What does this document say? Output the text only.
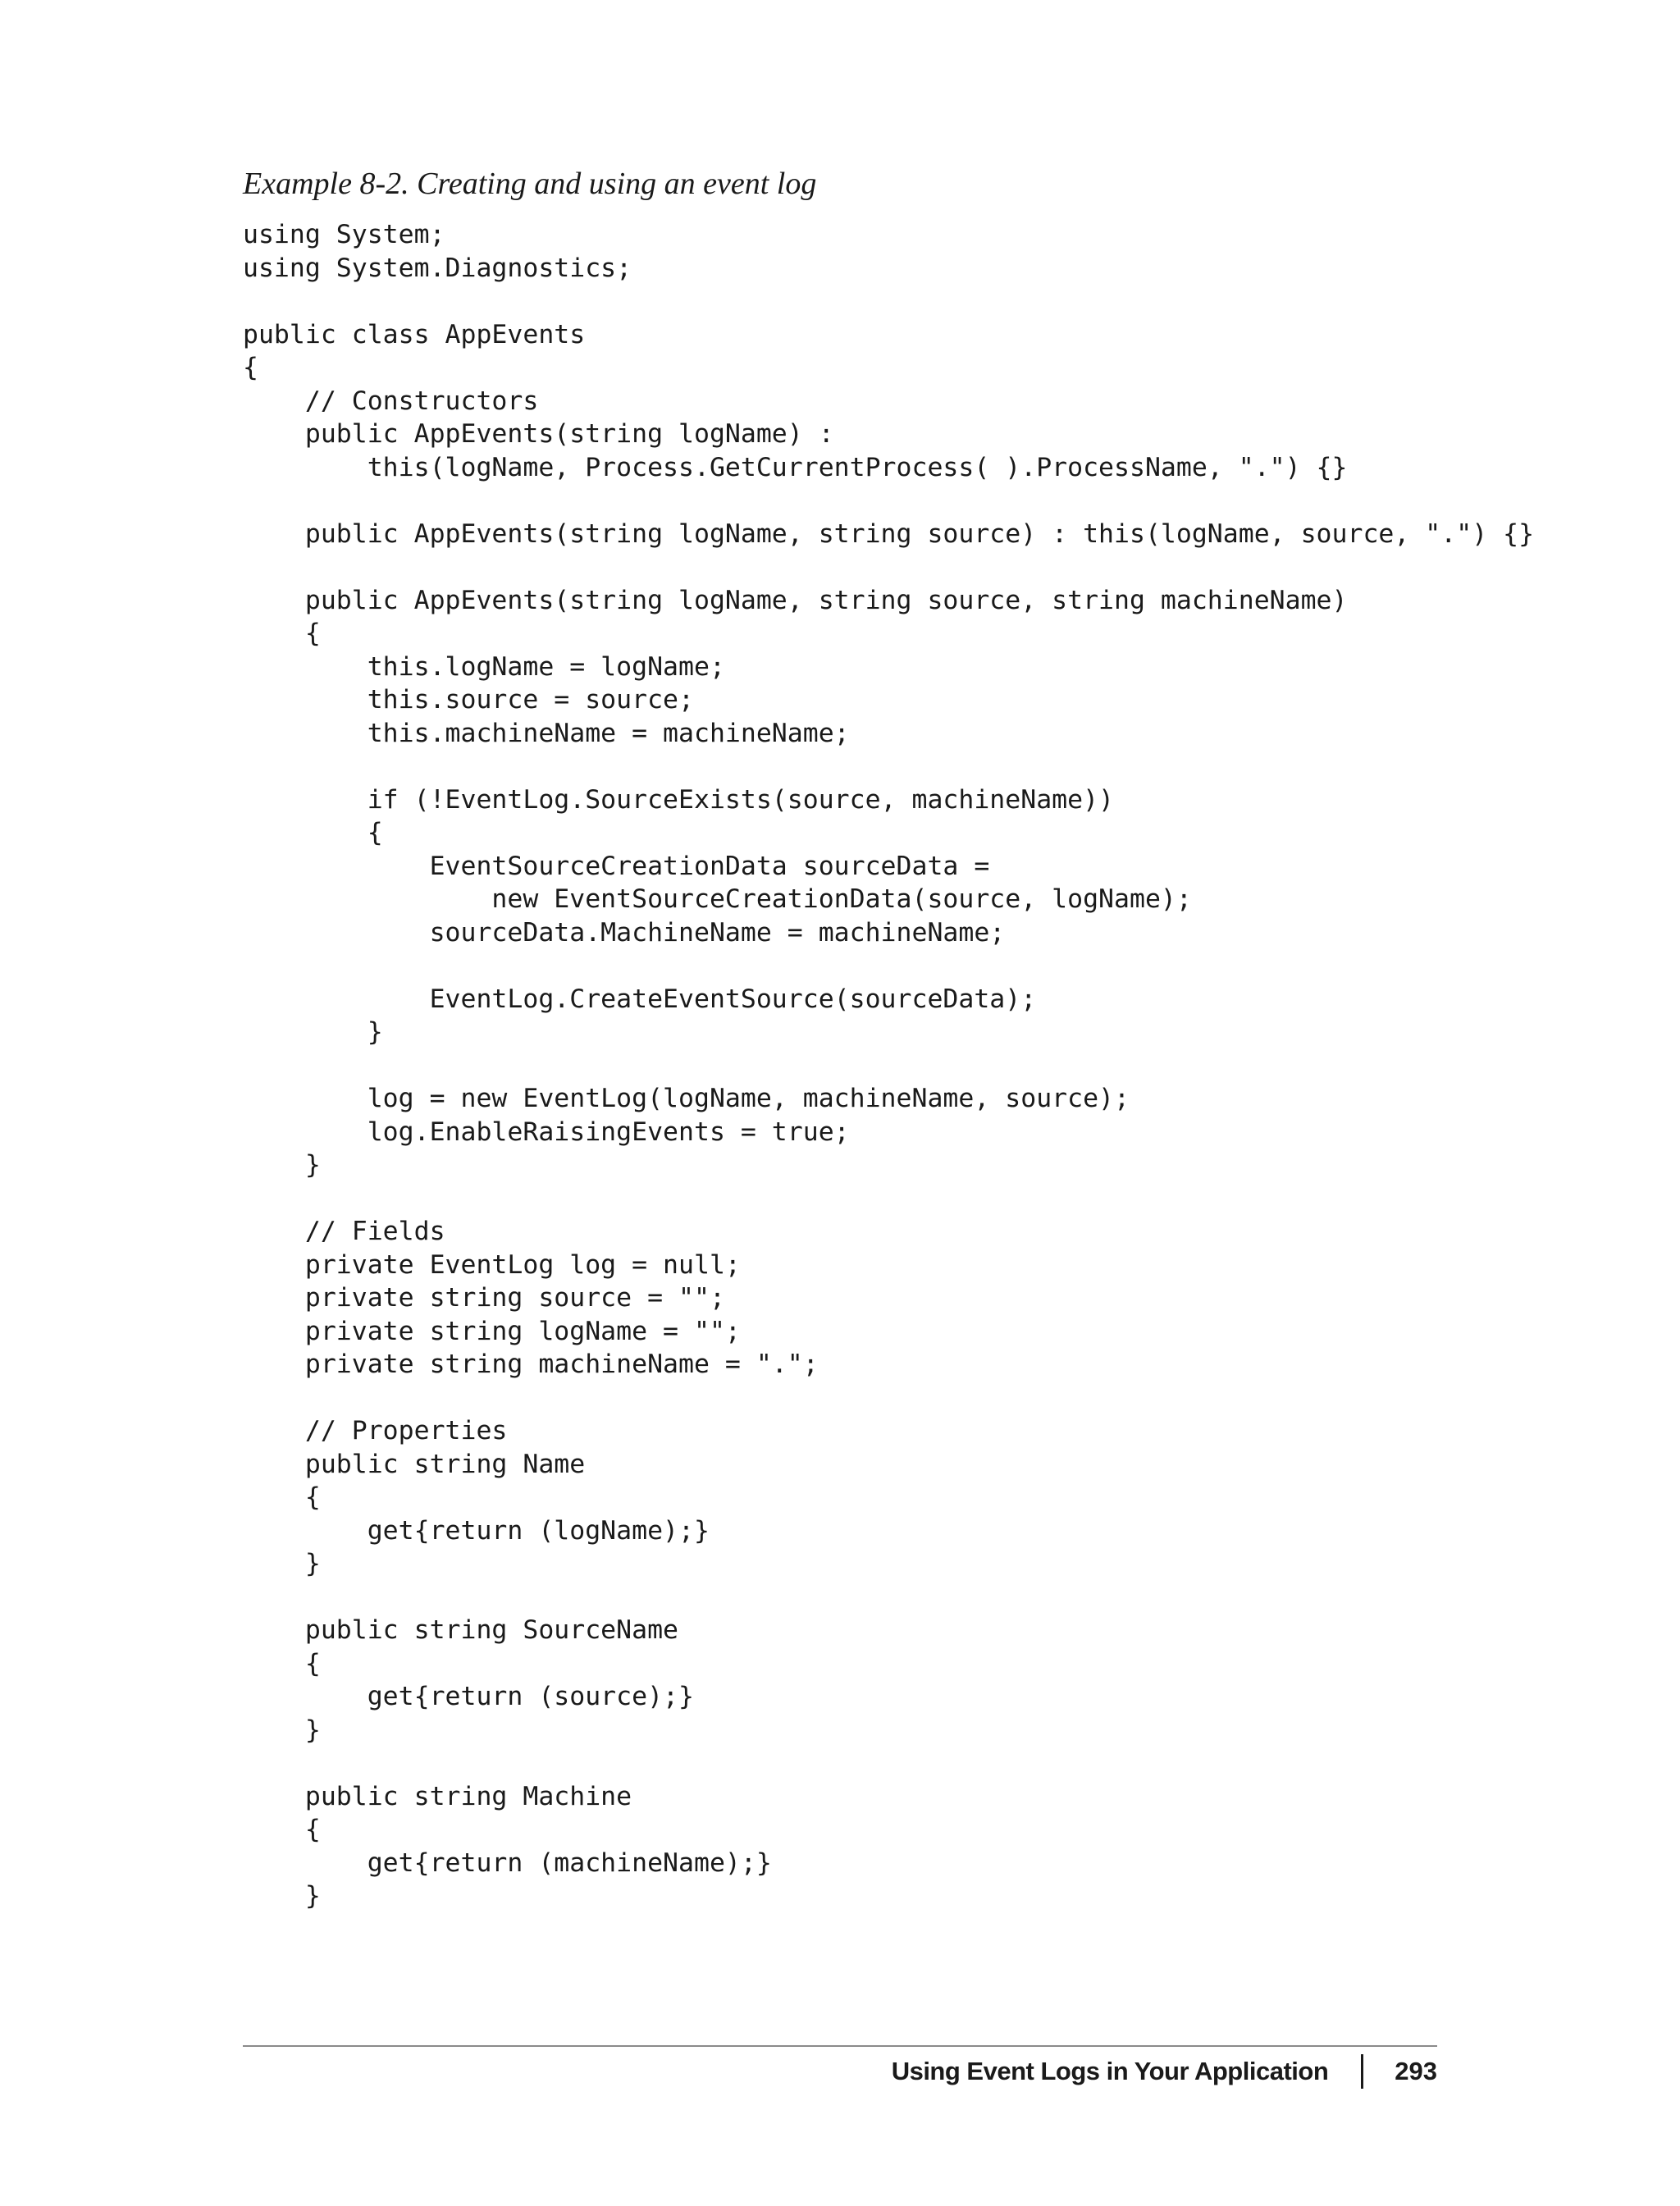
Example 8-2. Creating and using an event log
using System;
using System.Diagnostics;
public class AppEvents
{
// Constructors
public AppEvents(string logName) :
this(logName, Process.GetCurrentProcess( ).ProcessName, ".") {}
public AppEvents(string logName, string source) : this(logName, source, ".") {}
public AppEvents(string logName, string source, string machineName)
{
this.logName = logName;
this.source = source;
this.machineName = machineName;
if (!EventLog.SourceExists(source, machineName))
{
EventSourceCreationData sourceData =
new EventSourceCreationData(source, logName);
sourceData.MachineName = machineName;
EventLog.CreateEventSource(sourceData);
}
log = new EventLog(logName, machineName, source);
log.EnableRaisingEvents = true;
}
// Fields
private EventLog log = null;
private string source = "";
private string logName = "";
private string machineName = ".";
// Properties
public string Name
{
get{return (logName);}
}
public string SourceName
{
get{return (source);}
}
public string Machine
{
get{return (machineName);}
}
Using Event Logs in Your Application	293
